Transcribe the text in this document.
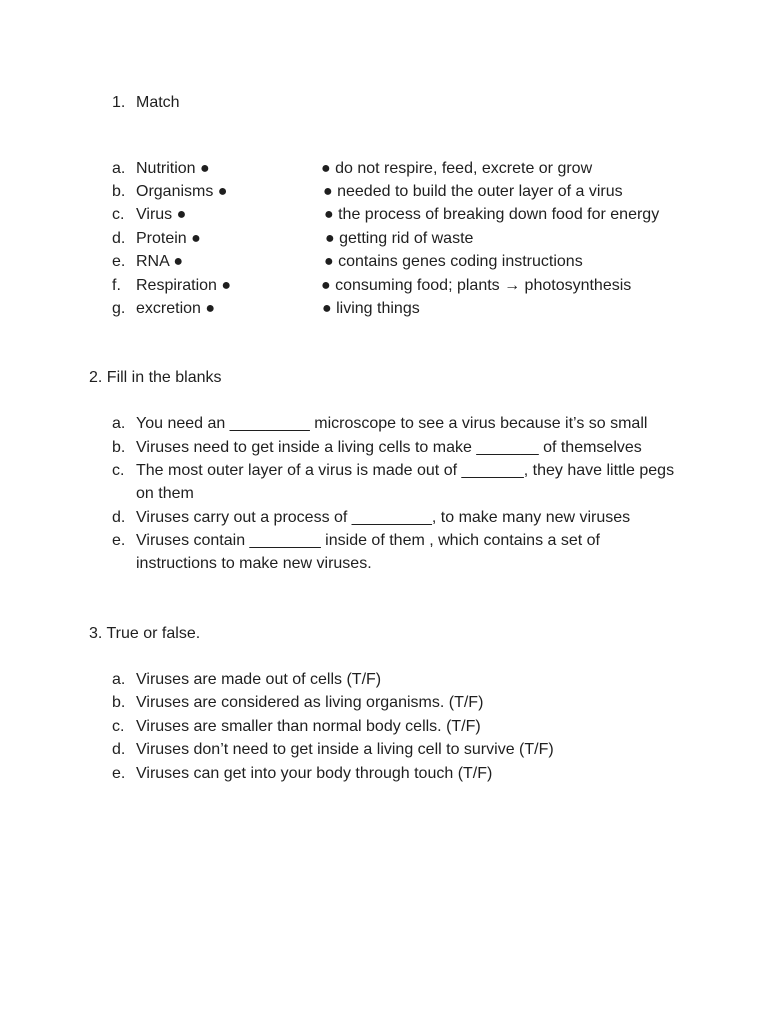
1. Match
a. Nutrition ●	● do not respire, feed, excrete or grow
b. Organisms ●	● needed to build the outer layer of a virus
c. Virus ●	● the process of breaking down food for energy
d. Protein ●	● getting rid of waste
e. RNA ●	● contains genes coding instructions
f. Respiration ●	● consuming food; plants → photosynthesis
g. excretion ●	● living things
2. Fill in the blanks
a. You need an _________ microscope to see a virus because it’s so small
b. Viruses need to get inside a living cells to make _______ of themselves
c. The most outer layer of a virus is made out of _______, they have little pegs on them
d. Viruses carry out a process of _________, to make many new viruses
e. Viruses contain ________ inside of them , which contains a set of instructions to make new viruses.
3. True or false.
a. Viruses are made out of cells (T/F)
b. Viruses are considered as living organisms. (T/F)
c. Viruses are smaller than normal body cells. (T/F)
d. Viruses don’t need to get inside a living cell to survive (T/F)
e. Viruses can get into your body through touch (T/F)
